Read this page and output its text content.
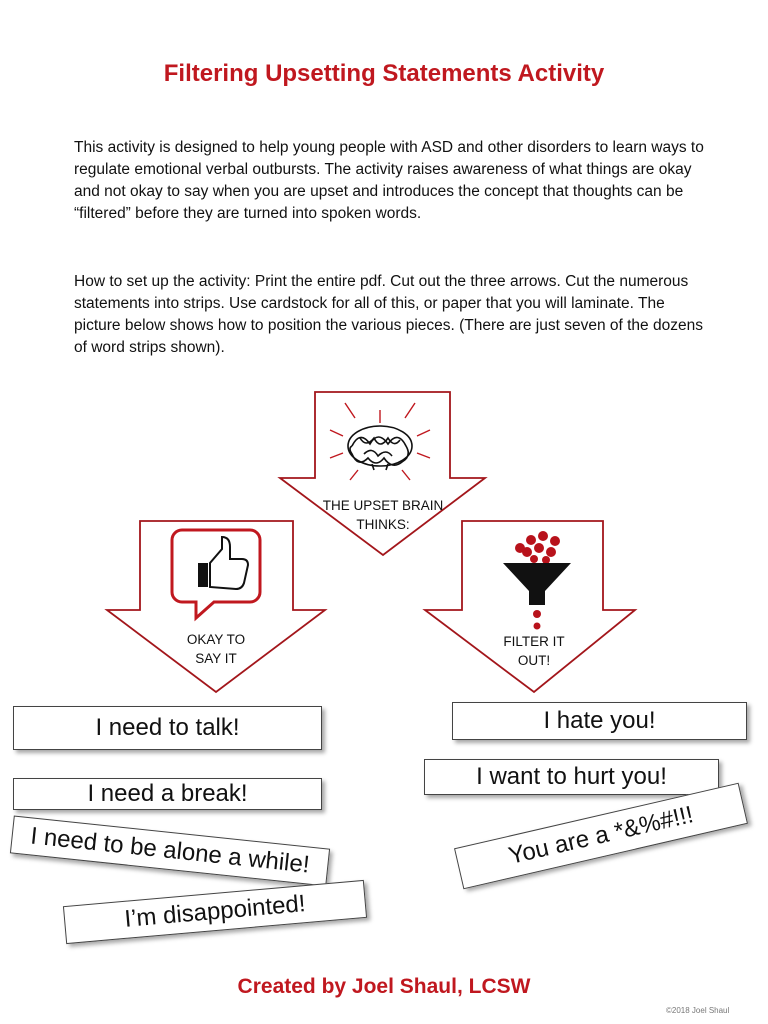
Filtering Upsetting Statements Activity

This activity is designed to help young people with ASD and other disorders to learn ways to regulate emotional verbal outbursts. The activity raises awareness of what things are okay and not okay to say when you are upset and introduces the concept that thoughts can be “filtered” before they are turned into spoken words.

How to set up the activity: Print the entire pdf. Cut out the three arrows. Cut the numerous statements into strips. Use cardstock for all of this, or paper that you will laminate. The picture below shows how to position the various pieces. (There are just seven of the dozens of word strips shown).

THE UPSET BRAIN
THINKS:
OKAY TO
SAY IT
FILTER IT
OUT!
I need to talk!
I need a break!
I need to be alone a while!
I’m disappointed!
I hate you!
I want to hurt you!
You are a *&%#!!!
Created by Joel Shaul, LCSW
©2018 Joel Shaul
